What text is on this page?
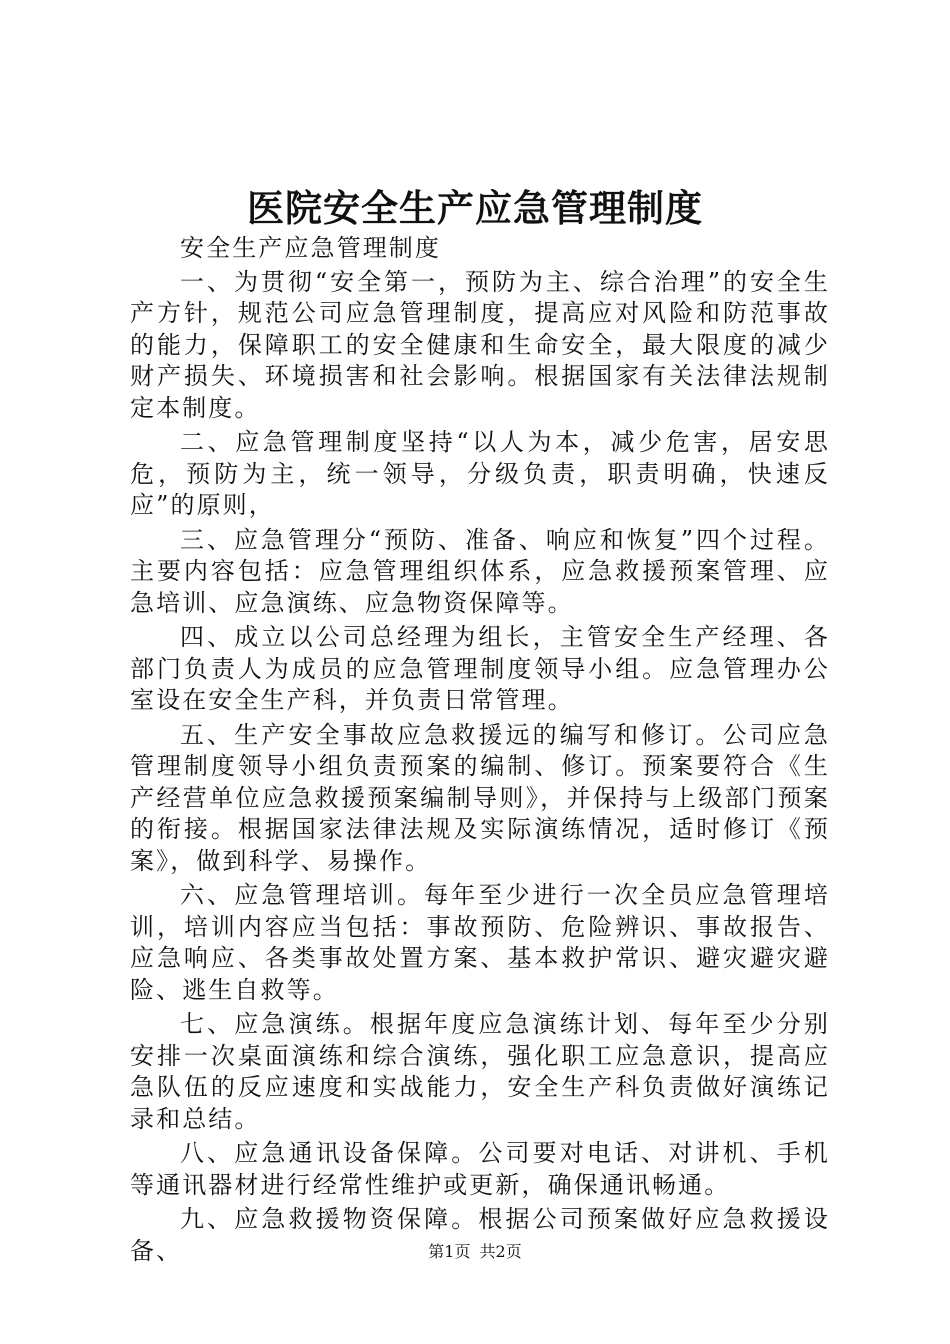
医院安全生产应急管理制度

安全生产应急管理制度

一、为贯彻“安全第一，预防为主、综合治理”的安全生产方针，规范公司应急管理制度，提高应对风险和防范事故的能力，保障职工的安全健康和生命安全，最大限度的减少财产损失、环境损害和社会影响。根据国家有关法律法规制定本制度。

二、应急管理制度坚持“以人为本，减少危害，居安思危，预防为主，统一领导，分级负责，职责明确，快速反应”的原则，

三、应急管理分“预防、准备、响应和恢复”四个过程。主要内容包括：应急管理组织体系，应急救援预案管理、应急培训、应急演练、应急物资保障等。

四、成立以公司总经理为组长，主管安全生产经理、各部门负责人为成员的应急管理制度领导小组。应急管理办公室设在安全生产科，并负责日常管理。

五、生产安全事故应急救援远的编写和修订。公司应急管理制度领导小组负责预案的编制、修订。预案要符合《生产经营单位应急救援预案编制导则》，并保持与上级部门预案的衔接。根据国家法律法规及实际演练情况，适时修订《预案》，做到科学、易操作。

六、应急管理培训。每年至少进行一次全员应急管理培训，培训内容应当包括：事故预防、危险辨识、事故报告、应急响应、各类事故处置方案、基本救护常识、避灾避灾避险、逃生自救等。

七、应急演练。根据年度应急演练计划、每年至少分别安排一次桌面演练和综合演练，强化职工应急意识，提高应急队伍的反应速度和实战能力，安全生产科负责做好演练记录和总结。

八、应急通讯设备保障。公司要对电话、对讲机、手机等通讯器材进行经常性维护或更新，确保通讯畅通。

九、应急救援物资保障。根据公司预案做好应急救援设备、	第1页 共2页
